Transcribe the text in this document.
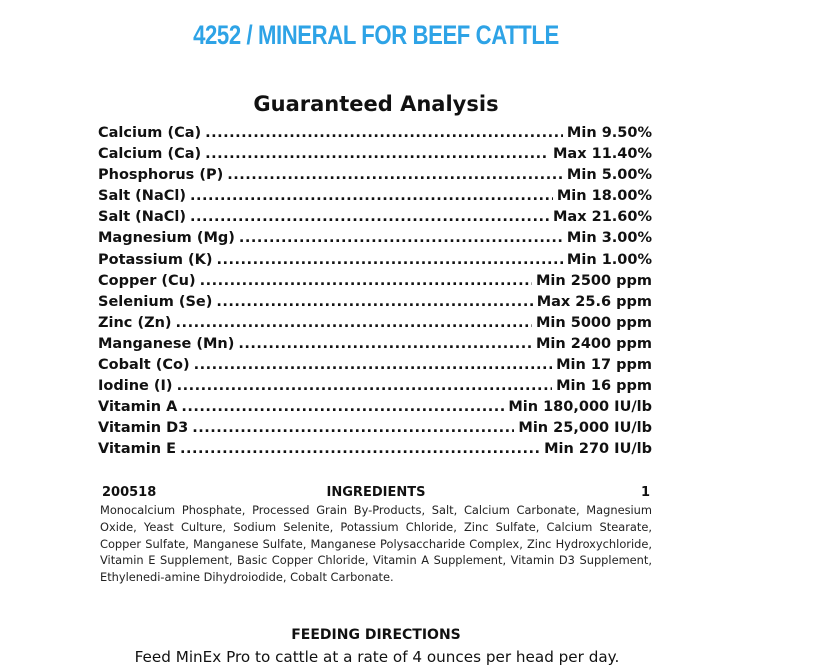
4252 / MINERAL FOR BEEF CATTLE
Guaranteed Analysis
Calcium (Ca) .....	Min 9.50%
Calcium (Ca) .....	Max 11.40%
Phosphorus (P) .....	Min 5.00%
Salt (NaCl) .....	Min 18.00%
Salt (NaCl) .....	Max 21.60%
Magnesium (Mg) .....	Min 3.00%
Potassium (K) .....	Min 1.00%
Copper (Cu) .....	Min 2500 ppm
Selenium (Se) .....	Max 25.6 ppm
Zinc (Zn) .....	Min 5000 ppm
Manganese (Mn) .....	Min 2400 ppm
Cobalt (Co) .....	Min 17 ppm
Iodine (I) .....	Min 16 ppm
Vitamin A .....	Min 180,000 IU/lb
Vitamin D3 .....	Min 25,000 IU/lb
Vitamin E .....	Min 270 IU/lb
INGREDIENTS
200518	1
Monocalcium Phosphate, Processed Grain By-Products, Salt, Calcium Carbonate, Magnesium Oxide, Yeast Culture, Sodium Selenite, Potassium Chloride, Zinc Sulfate, Calcium Stearate, Copper Sulfate, Manganese Sulfate, Manganese Polysaccharide Complex, Zinc Hydroxychloride, Vitamin E Supplement, Basic Copper Chloride, Vitamin A Supplement, Vitamin D3 Supplement, Ethylenedi-amine Dihydroiodide, Cobalt Carbonate.
FEEDING DIRECTIONS
Feed MinEx Pro to cattle at a rate of 4 ounces per head per day.
